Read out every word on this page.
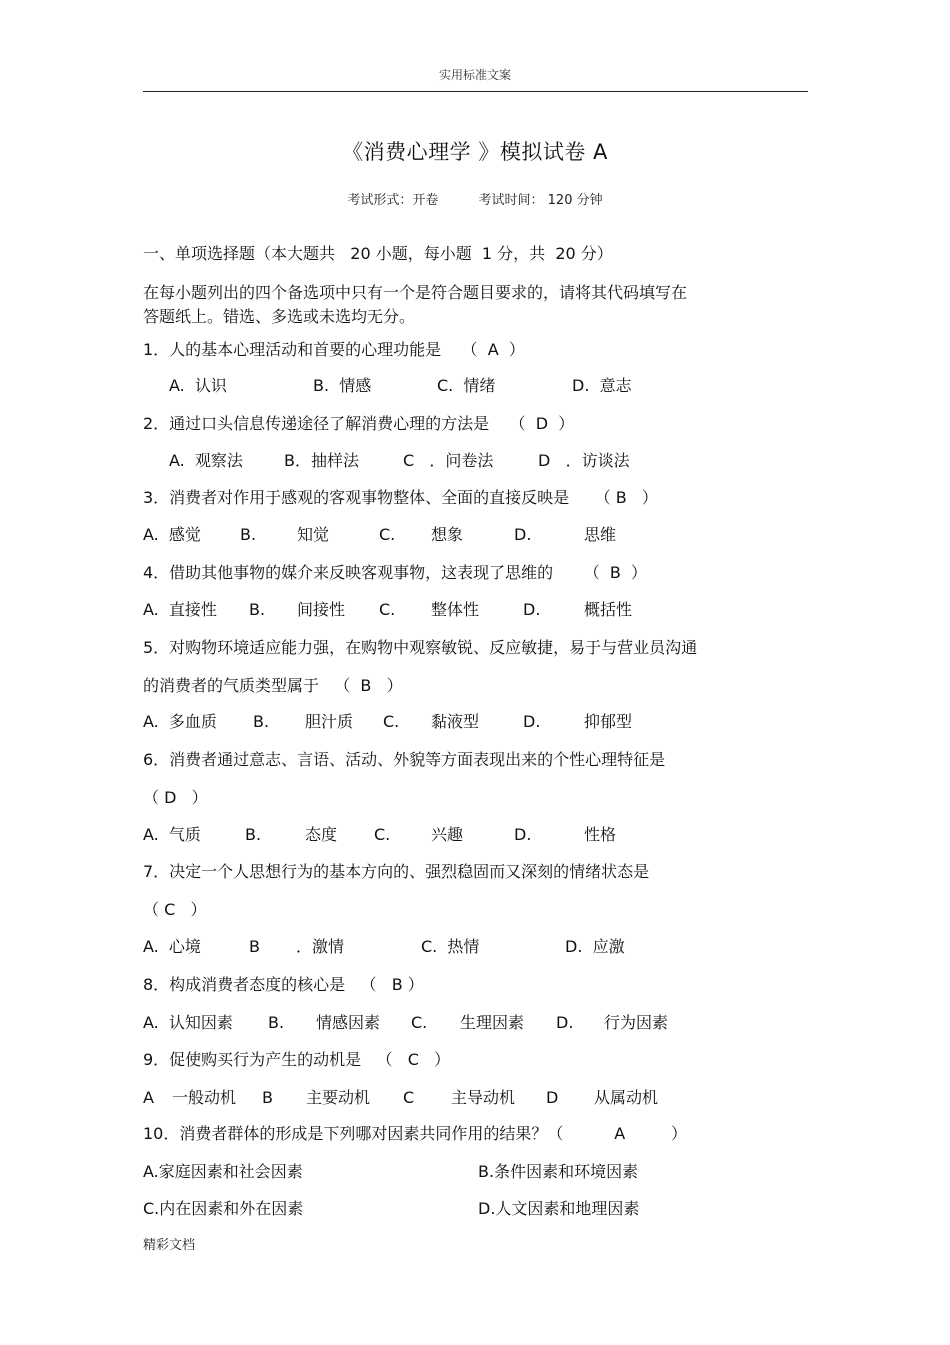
实用标准文案
《消费心理学 》模拟试卷 A
考试形式：开卷	考试时间： 120 分钟
一、单项选择题（本大题共   20 小题，每小题  1 分，共  20 分）
在每小题列出的四个备选项中只有一个是符合题目要求的，请将其代码填写在
答题纸上。错选、多选或未选均无分。
1．人的基本心理活动和首要的心理功能是    （  A  ）
A.  认识	B.  情感	C.  情绪	D.  意志
2．通过口头信息传递途径了解消费心理的方法是    （  D  ）
A.  观察法	B．抽样法	C   ．问卷法	D   ．访谈法
3．消费者对作用于感观的客观事物整体、全面的直接反映是     （ B   ）
A.  感觉 B.	知觉	C. 想象	D.	思维
4．借助其他事物的媒介来反映客观事物，这表现了思维的      （  B  ）
A.  直接性 B. 间接性 C. 整体性	D.	概括性
5．对购物环境适应能力强，在购物中观察敏锐、反应敏捷，易于与营业员沟通
的消费者的气质类型属于   （  B   ）
A.  多血质 B. 胆汁质 C. 黏液型	D.	抑郁型
6．消费者通过意志、言语、活动、外貌等方面表现出来的个性心理特征是
（ D   ）
A.  气质	B.	态度 C.	兴趣	D.	性格
7．决定一个人思想行为的基本方向的、强烈稳固而又深刻的情绪状态是
（ C   ）
A.  心境	B ．激情	C.  热情	D.  应激
8．构成消费者态度的核心是   （   B ）
A.  认知因素 B. 情感因素 C. 生理因素 D. 行为因素
9．促使购买行为产生的动机是   （   C   ）
A 一般动机 B 主要动机 C 主导动机 D 从属动机
10．消费者群体的形成是下列哪对因素共同作用的结果？（          A         ）
A.家庭因素和社会因素	B.条件因素和环境因素
C.内在因素和外在因素	D.人文因素和地理因素
精彩文档
